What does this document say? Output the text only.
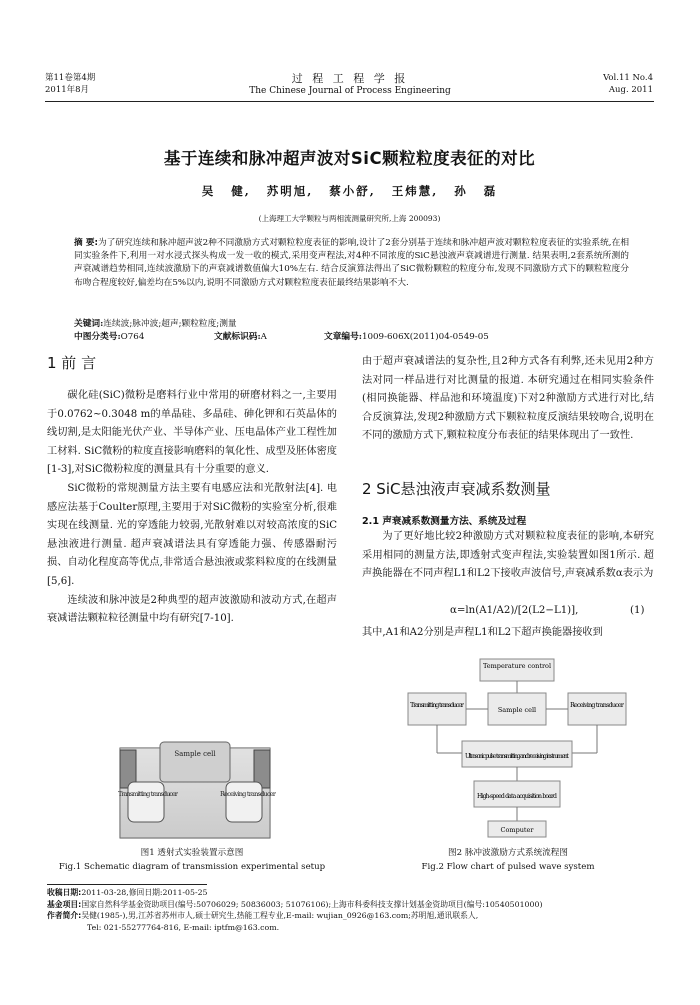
第11卷第4期
2011年8月
过 程 工 程 学 报
The Chinese Journal of Process Engineering
Vol.11 No.4
Aug. 2011
基于连续和脉冲超声波对SiC颗粒粒度表征的对比
吴 健, 苏明旭, 蔡小舒, 王炜慧, 孙 磊
(上海理工大学颗粒与两相流测量研究所,上海 200093)
摘 要:为了研究连续和脉冲超声波2种不同激励方式对颗粒粒度表征的影响,设计了2套分别基于连续和脉冲超声波对颗粒粒度表征的实验系统,在相同实验条件下,利用一对水浸式探头构成一发一收的模式,采用变声程法,对4种不同浓度的SiC悬浊液声衰减谱进行测量. 结果表明,2套系统所测的声衰减谱趋势相同,连续波激励下的声衰减谱数值偏大10%左右. 结合反演算法得出了SiC微粉颗粒的粒度分布,发现不同激励方式下的颗粒粒度分布吻合程度较好,偏差均在5%以内,说明不同激励方式对颗粒粒度表征最终结果影响不大.
关键词:连续波;脉冲波;超声;颗粒粒度;测量
中图分类号:O764	文献标识码:A	文章编号:1009-606X(2011)04-0549-05
1 前 言

碳化硅(SiC)微粉是磨料行业中常用的研磨材料之一,主要用于0.0762~0.3048 m的单晶硅、多晶硅、砷化钾和石英晶体的线切割,是太阳能光伏产业、半导体产业、压电晶体产业工程性加工材料. SiC微粉的粒度直接影响磨料的氧化性、成型及胚体密度[1-3],对SiC微粉粒度的测量具有十分重要的意义.

SiC微粉的常规测量方法主要有电感应法和光散射法[4]. 电感应法基于Coulter原理,主要用于对SiC微粉的实验室分析,很难实现在线测量. 光的穿透能力较弱,光散射难以对较高浓度的SiC悬浊液进行测量. 超声衰减谱法具有穿透能力强、传感器耐污损、自动化程度高等优点,非常适合悬浊液或浆料粒度的在线测量[5,6].

连续波和脉冲波是2种典型的超声波激励和波动方式,在超声衰减谱法颗粒粒径测量中均有研究[7-10].

由于超声衰减谱法的复杂性,且2种方式各有利弊,还未见用2种方法对同一样品进行对比测量的报道. 本研究通过在相同实验条件(相同换能器、样品池和环境温度)下对2种激励方式进行对比,结合反演算法,发现2种激励方式下颗粒粒度反演结果较吻合,说明在不同的激励方式下,颗粒粒度分布表征的结果体现出了一致性.

2 SiC悬浊液声衰减系数测量
2.1 声衰减系数测量方法、系统及过程

为了更好地比较2种激励方式对颗粒粒度表征的影响,本研究采用相同的测量方法,即透射式变声程法,实验装置如图1所示. 超声换能器在不同声程L1和L2下接收声波信号,声衰减系数α表示为

α=ln(A1/A2)/[2(L2−L1)],	(1)

其中,A1和A2分别是声程L1和L2下超声换能器接收到

Sample cell
Transmitting transducer	Receiving transducer
图1 透射式实验装置示意图
Fig.1 Schematic diagram of transmission experimental setup
Temperature control
Transmitting transducer
Sample cell
Receiving transducer
Ultrasonic pulse transmitting and receiving instrument
High-speed data acquisition board
Computer
图2 脉冲波激励方式系统流程图
Fig.2 Flow chart of pulsed wave system
收稿日期:2011-03-28,修回日期:2011-05-25
基金项目:国家自然科学基金资助项目(编号:50706029; 50836003; 51076106);上海市科委科技支撑计划基金资助项目(编号:10540501000)
作者简介:吴健(1985-),男,江苏省苏州市人,硕士研究生,热能工程专业,E-mail: wujian_0926@163.com;苏明旭,通讯联系人,
Tel: 021-55277764-816, E-mail: iptfm@163.com.
